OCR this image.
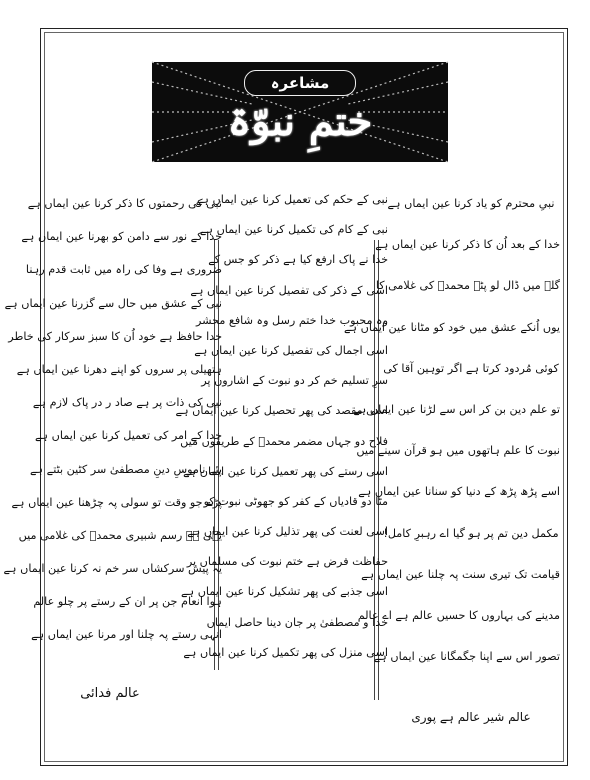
مشاعرہ
ختمِ نبوّۃ
نبیِ محترم کو یاد کرنا عین ایماں ہے
خدا کے بعد اُن کا ذکر کرنا عین ایماں ہے
گلے میں ڈال لو پٹہ محمدؐ کی غلامی کا
یوں اُنکے عشق میں خود کو مٹانا عین ایماں ہے
کوئی مُردود کرتا ہے اگر توہین آقا کی
تو علم دین بن کر اس سے لڑنا عین ایماں ہے
نبوت کا علم ہاتھوں میں ہو قرآن سینے میں
اسے پڑھ پڑھ کے دنیا کو سنانا عین ایماں ہے
مکمل دین تم پر ہو گیا اے رہبرِ کامل!
قیامت تک تیری سنت پہ چلنا عین ایماں ہے
مدینے کی بہاروں کا حسیں عالم ہے اے عالم
تصور اس سے اپنا جگمگانا عین ایماں ہے
عالم شیر عالم ہے پوری
نبی کے حکم کی تعمیل کرنا عین ایماں ہے
نبی کے کام کی تکمیل کرنا عین ایماں ہے
خدا نے پاک ارفع کیا ہے ذکر کو جس کے
اسی کے ذکر کی تفصیل کرنا عین ایماں ہے
وہ محبوب خدا ختم رسل وہ شافع محشر
اسی اجمال کی تفصیل کرنا عین ایماں ہے
سرِ تسلیم خم کر دو نبوت کے اشاروں پر
اسی مقصد کی پھر تحصیل کرنا عین ایماں ہے
فلاح دو جہاں مضمر محمدؐ کے طریقوں میں
اسی رستے کی پھر تعمیل کرنا عین ایماں ہے
مٹا دو قادیاں کے کفر کو جھوٹی نبوت کو
اسی لعنت کی پھر تذلیل کرنا عین ایماں ہے
حفاظت فرض ہے ختم نبوت کی مسلماں پر
اسی جذبے کی پھر تشکیل کرنا عین ایماں ہے
خدا و مصطفیٰ پر جان دینا حاصل ایماں
اسی منزل کی پھر تکمیل کرنا عین ایماں ہے
نبی کی رحمتوں کا ذکر کرنا عین ایماں ہے
خدا کے نور سے دامن کو بھرنا عین ایماں ہے
ضروری ہے وفا کی راہ میں ثابت قدم رہنا
نبی کے عشق میں حال سے گزرنا عین ایماں ہے
خدا حافظ ہے خود اُن کا سبز سرکار کی خاطر
ہتھیلی پر سروں کو اپنے دھرنا عین ایماں ہے
نبی کی ذات پر ہے صاد ر در پاک لازم ہے
خدا کے امر کی تعمیل کرنا عین ایماں ہے
پئے ناموسِ دینِ مصطفیٰ سر کٹین بٹتے ہے
پڑے جو وقت تو سولی پہ چڑھنا عین ایماں ہے
یہی ہے رسم شبیری محمدؐ کی غلامی میں
یہ پیش سرکشاں سر خم نہ کرنا عین ایماں ہے
ہوا انعام جن پر ان کے رستے پر چلو عالم
انہی رستے پہ چلنا اور مرنا عین ایماں ہے
عالم فدائی
